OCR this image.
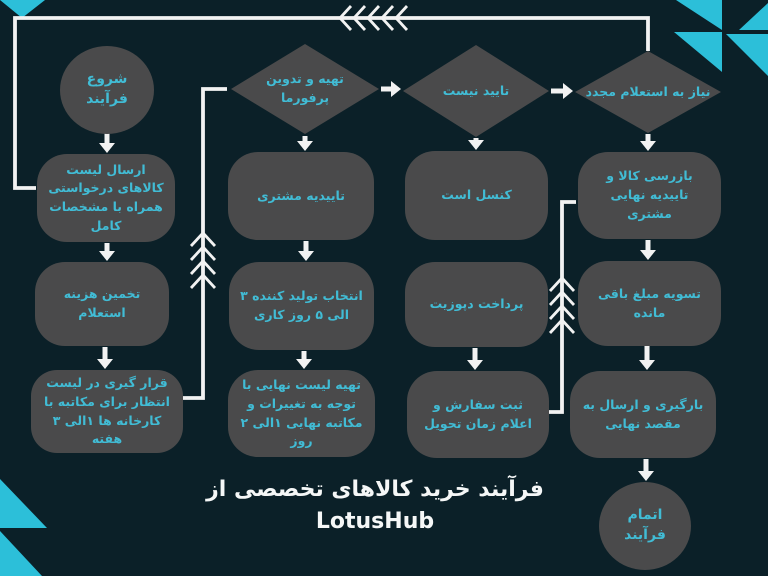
شروع فرآیند
ارسال لیست کالاهای درخواستی همراه با مشخصات کامل
تخمین هزینه استعلام
قرار گیری در لیست انتظار برای مکاتبه با کارخانه ها ۱الی ۳ هفته
تهیه و تدوین پرفورما
تاییدیه مشتری
انتخاب تولید کننده ۳ الی ۵ روز کاری
تهیه لیست نهایی با توجه به تغییرات و مکاتبه نهایی ۱الی ۲ روز
تایید نیست
کنسل است
پرداخت دپوزیت
ثبت سفارش و اعلام زمان تحویل
نیاز به استعلام مجدد
بازرسی کالا و تاییدیه نهایی مشتری
تسویه مبلغ باقی مانده
بارگیری و ارسال به مقصد نهایی
اتمام فرآیند
فرآیند خرید کالاهای تخصصی از LotusHub
